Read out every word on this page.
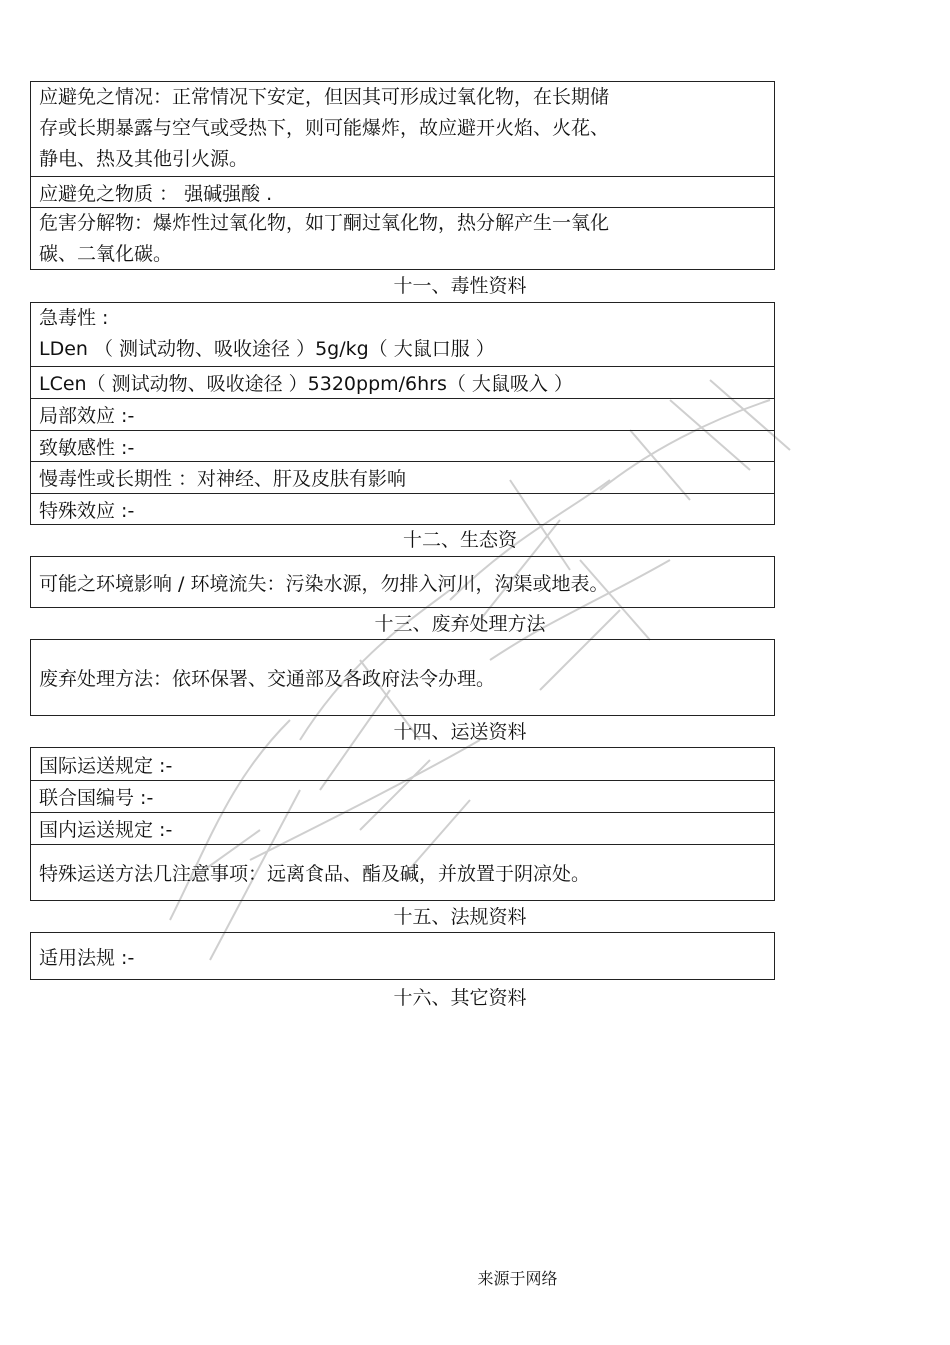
应避免之情况：正常情况下安定，但因其可形成过氧化物，在长期储
存或长期暴露与空气或受热下，则可能爆炸，故应避开火焰、火花、
静电、热及其他引火源。
应避免之物质 ： 强碱强酸 .
危害分解物：爆炸性过氧化物，如丁酮过氧化物，热分解产生一氧化
碳、二氧化碳。
十一、毒性资料
急毒性 :
LDen （ 测试动物、吸收途径 ）5g/kg（ 大鼠口服 ）
LCen（ 测试动物、吸收途径 ）5320ppm/6hrs（ 大鼠吸入 ）
局部效应 :-
致敏感性 :-
慢毒性或长期性 ：对神经、肝及皮肤有影响
特殊效应 :-
十二、生态资
可能之环境影响 / 环境流失：污染水源，勿排入河川，沟渠或地表。
十三、废弃处理方法
废弃处理方法：依环保署、交通部及各政府法令办理。
十四、运送资料
国际运送规定 :-
联合国编号 :-
国内运送规定 :-
特殊运送方法几注意事项：远离食品、酯及碱，并放置于阴凉处。
十五、法规资料
适用法规 :-
十六、其它资料
来源于网络
